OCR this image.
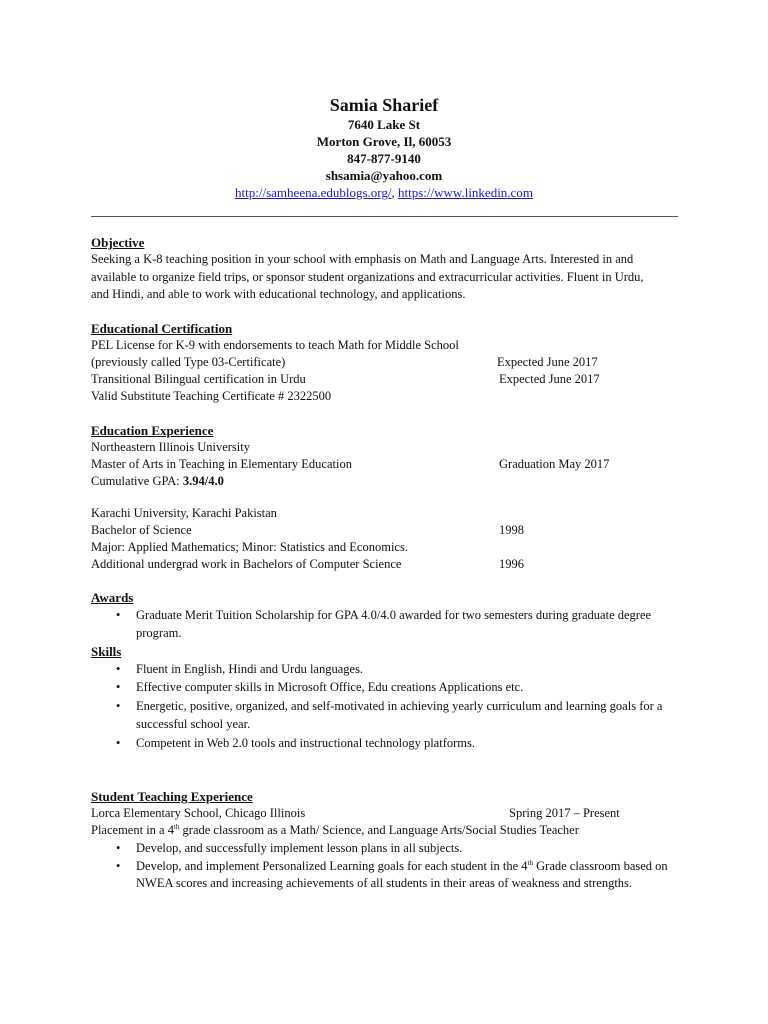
Samia Sharief
7640 Lake St
Morton Grove, Il, 60053
847-877-9140
shsamia@yahoo.com
http://samheena.edublogs.org/, https://www.linkedin.com
Objective
Seeking a K-8 teaching position in your school with emphasis on Math and Language Arts. Interested in and available to organize field trips, or sponsor student organizations and extracurricular activities. Fluent in Urdu, and Hindi, and able to work with educational technology, and applications.
Educational Certification
PEL License for K-9 with endorsements to teach Math for Middle School
(previously called Type 03-Certificate)	Expected June 2017
Transitional Bilingual certification in Urdu	Expected June 2017
Valid Substitute Teaching Certificate # 2322500
Education Experience
Northeastern Illinois University
Master of Arts in Teaching in Elementary Education	Graduation May 2017
Cumulative GPA: 3.94/4.0
Karachi University, Karachi Pakistan
Bachelor of Science	1998
Major: Applied Mathematics; Minor: Statistics and Economics.
Additional undergrad work in Bachelors of Computer Science	1996
Awards
• Graduate Merit Tuition Scholarship for GPA 4.0/4.0 awarded for two semesters during graduate degree program.
Skills
• Fluent in English, Hindi and Urdu languages.
• Effective computer skills in Microsoft Office, Edu creations Applications etc.
• Energetic, positive, organized, and self-motivated in achieving yearly curriculum and learning goals for a successful school year.
• Competent in Web 2.0 tools and instructional technology platforms.
Student Teaching Experience
Lorca Elementary School, Chicago Illinois	Spring 2017 – Present
Placement in a 4th grade classroom as a Math/ Science, and Language Arts/Social Studies Teacher
• Develop, and successfully implement lesson plans in all subjects.
• Develop, and implement Personalized Learning goals for each student in the 4th Grade classroom based on NWEA scores and increasing achievements of all students in their areas of weakness and strengths.
